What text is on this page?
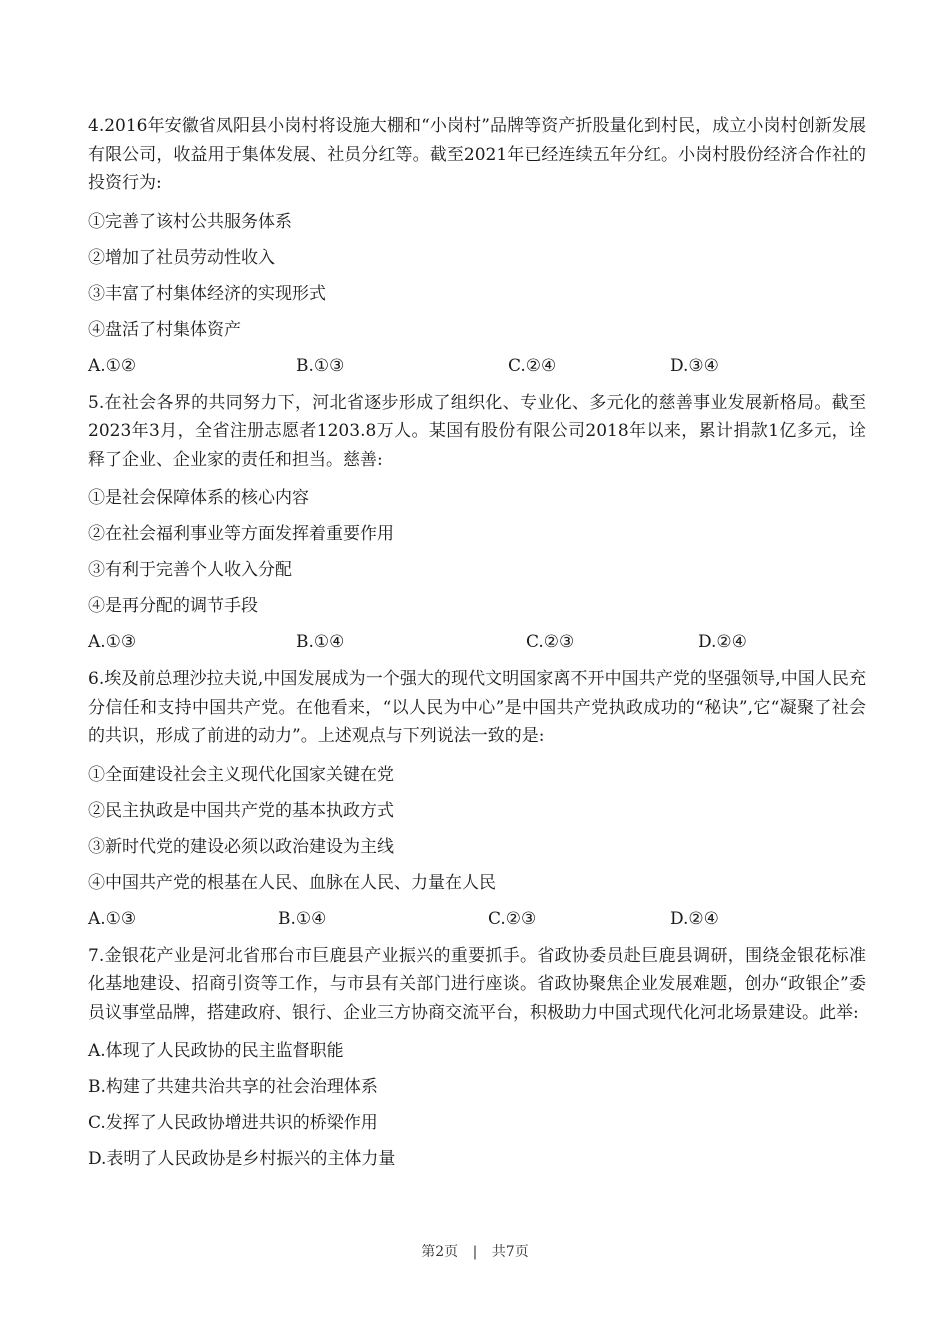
4.2016年安徽省凤阳县小岗村将设施大棚和“小岗村”品牌等资产折股量化到村民，成立小岗村创新发展有限公司，收益用于集体发展、社员分红等。截至2021年已经连续五年分红。小岗村股份经济合作社的投资行为:

①完善了该村公共服务体系
②增加了社员劳动性收入
③丰富了村集体经济的实现形式
④盘活了村集体资产
A.①②	B.①③	C.②④	D.③④

5.在社会各界的共同努力下，河北省逐步形成了组织化、专业化、多元化的慈善事业发展新格局。截至2023年3月，全省注册志愿者1203.8万人。某国有股份有限公司2018年以来，累计捐款1亿多元，诠释了企业、企业家的责任和担当。慈善:

①是社会保障体系的核心内容
②在社会福利事业等方面发挥着重要作用
③有利于完善个人收入分配
④是再分配的调节手段
A.①③	B.①④	C.②③	D.②④

6.埃及前总理沙拉夫说,中国发展成为一个强大的现代文明国家离不开中国共产党的坚强领导,中国人民充分信任和支持中国共产党。在他看来，“以人民为中心”是中国共产党执政成功的“秘诀”,它“凝聚了社会的共识，形成了前进的动力”。上述观点与下列说法一致的是:

①全面建设社会主义现代化国家关键在党
②民主执政是中国共产党的基本执政方式
③新时代党的建设必须以政治建设为主线
④中国共产党的根基在人民、血脉在人民、力量在人民
A.①③	B.①④	C.②③	D.②④

7.金银花产业是河北省邢台市巨鹿县产业振兴的重要抓手。省政协委员赴巨鹿县调研，围绕金银花标准化基地建设、招商引资等工作，与市县有关部门进行座谈。省政协聚焦企业发展难题，创办“政银企”委员议事堂品牌，搭建政府、银行、企业三方协商交流平台，积极助力中国式现代化河北场景建设。此举:

A.体现了人民政协的民主监督职能
B.构建了共建共治共享的社会治理体系
C.发挥了人民政协增进共识的桥梁作用
D.表明了人民政协是乡村振兴的主体力量
第2页 | 共7页
